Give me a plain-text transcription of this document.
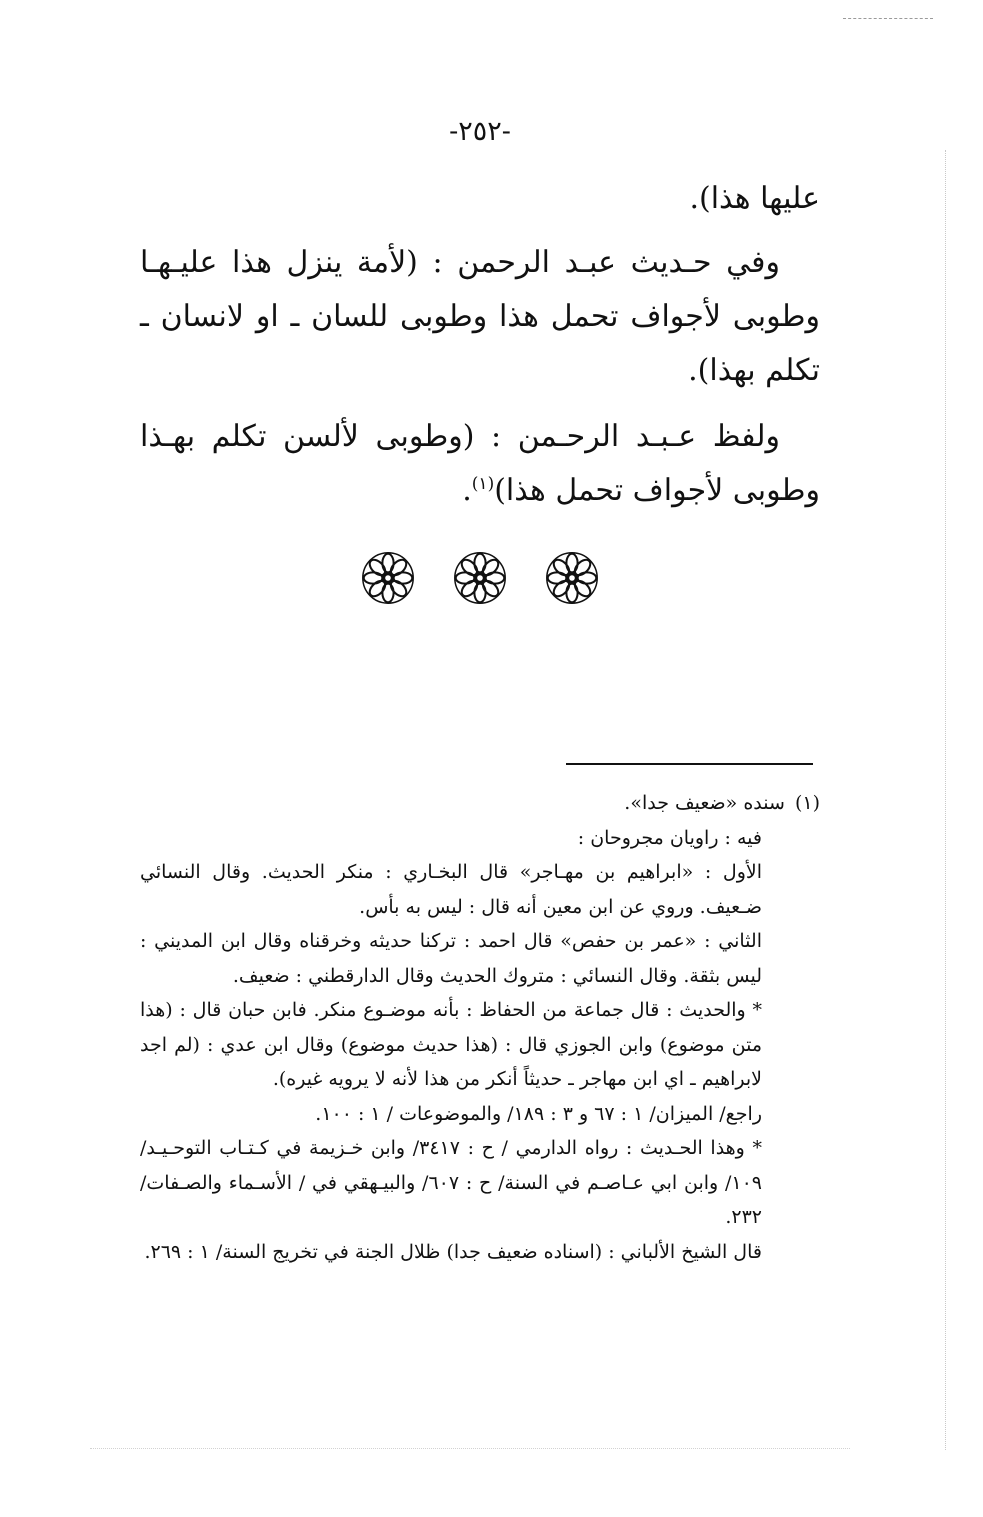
-٢٥٢-

عليها هذا).

وفي حـديث عبـد الرحمن : (لأمة ينزل هذا عليـهـا وطوبى لأجواف تحمل هذا وطوبى للسان ـ او لانسان ـ تكلم بهذا).

ولفظ عـبـد الرحـمن : (وطوبى لألسن تكلم بهـذا وطوبى لأجواف تحمل هذا)$^{(١)}$.

(١)
سنده «ضعيف جدا».
فيه : راويان مجروحان :
الأول : «ابراهيم بن مهـاجر» قال البخـاري : منكر الحديث. وقال النسائي ضـعيف. وروي عن ابن معين أنه قال : ليس به بأس.
الثاني : «عمر بن حفص» قال احمد : تركنا حديثه وخرقناه وقال ابن المديني : ليس بثقة. وقال النسائي : متروك الحديث وقال الدارقطني : ضعيف.
* والحديث : قال جماعة من الحفاظ : بأنه موضـوع منكر. فابن حبان قال : (هذا متن موضوع) وابن الجوزي قال : (هذا حديث موضوع) وقال ابن عدي : (لم اجد لابراهيم ـ اي ابن مهاجر ـ حديثاً أنكر من هذا لأنه لا يرويه غيره).
راجع/ الميزان/ ١ : ٦٧ و ٣ : ١٨٩/ والموضوعات / ١ : ١٠٠.
* وهذا الحـديث : رواه الدارمي / ح : ٣٤١٧/ وابن خـزيمة في كـتـاب التوحـيـد/ ١٠٩/ وابن ابي عـاصـم في السنة/ ح : ٦٠٧/ والبيـهقي في / الأسـماء والصـفات/ ٢٣٢.
قال الشيخ الألباني : (اسناده ضعيف جدا) ظلال الجنة في تخريج السنة/ ١ : ٢٦٩.
